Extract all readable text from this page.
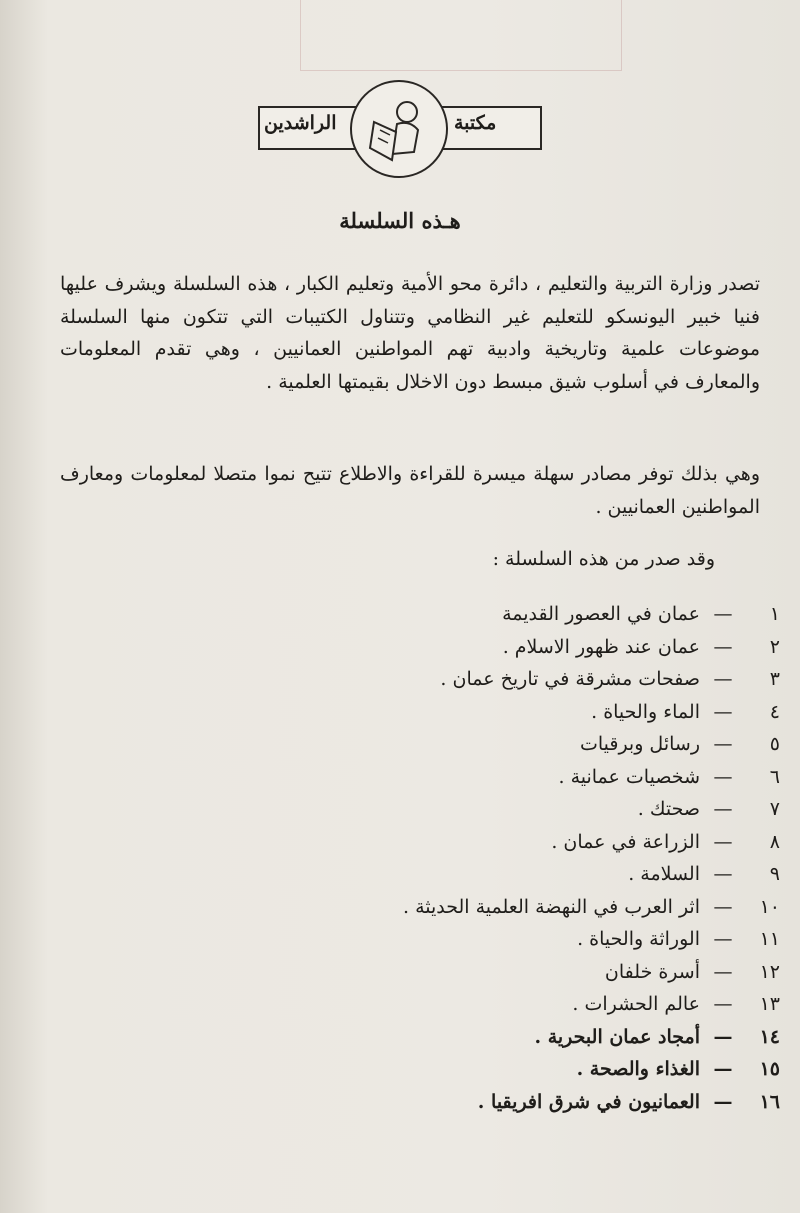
مكتبة
الراشدين
هـذه السلسلة
تصدر وزارة التربية والتعليم ، دائرة محو الأمية وتعليم الكبار ، هذه السلسلة ويشرف عليها فنيا خبير اليونسكو للتعليم غير النظامي وتتناول الكتيبات التي تتكون منها السلسلة موضوعات علمية وتاريخية وادبية تهم المواطنين العمانيين ، وهي تقدم المعلومات والمعارف في أسلوب شيق مبسط دون الاخلال بقيمتها العلمية .
وهي بذلك توفر مصادر سهلة ميسرة للقراءة والاطلاع تتيح نموا متصلا لمعلومات ومعارف المواطنين العمانيين .
وقد صدر من هذه السلسلة :
١
—
عمان في العصور القديمة
٢
—
عمان عند ظهور الاسلام .
٣
—
صفحات مشرقة في تاريخ عمان .
٤
—
الماء والحياة .
٥
—
رسائل وبرقيات
٦
—
شخصيات عمانية .
٧
—
صحتك .
٨
—
الزراعة في عمان .
٩
—
السلامة .
١٠
—
اثر العرب في النهضة العلمية الحديثة .
١١
—
الوراثة والحياة .
١٢
—
أسرة خلفان
١٣
—
عالم الحشرات .
١٤
—
أمجاد عمان البحرية .
١٥
—
الغذاء والصحة .
١٦
—
العمانيون في شرق افريقيا .
